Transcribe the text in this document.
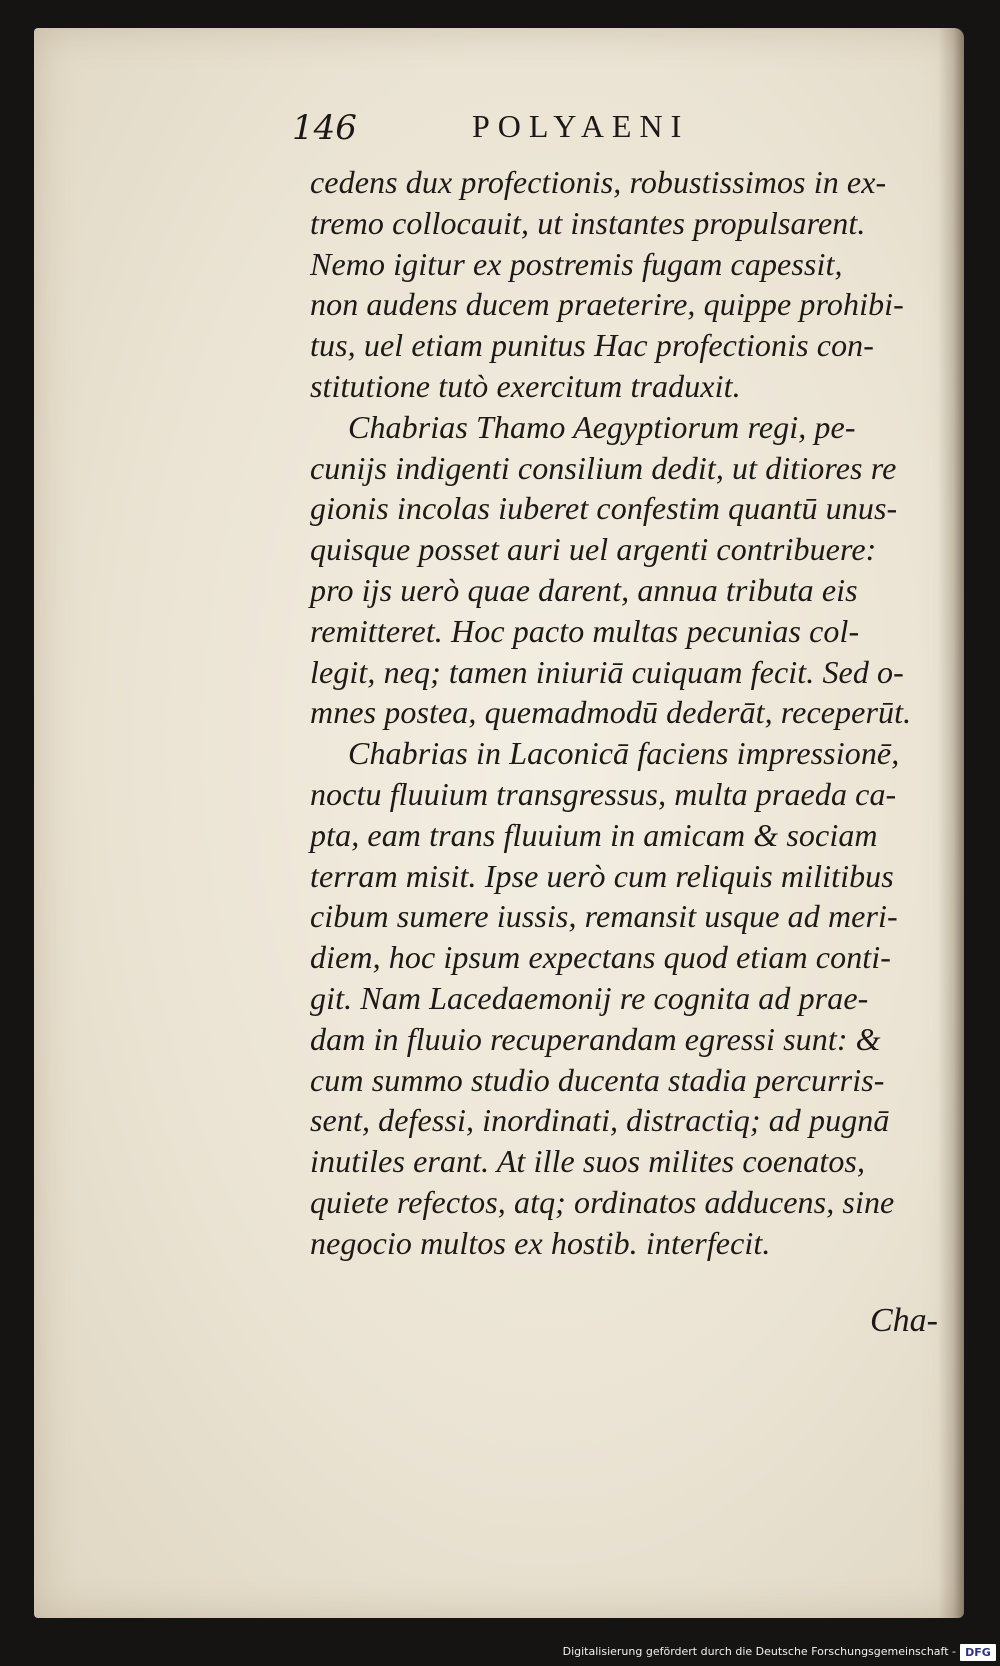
146	POLYAENI
cedens dux profectionis, robustissimos in ex-
tremo collocauit, ut instantes propulsarent.
Nemo igitur ex postremis fugam capessit,
non audens ducem praeterire, quippe prohibi-
tus, uel etiam punitus Hac profectionis con-
stitutione tutò exercitum traduxit.
Chabrias Thamo Aegyptiorum regi, pe-
cunijs indigenti consilium dedit, ut ditiores re
gionis incolas iuberet confestim quantū unus-
quisque posset auri uel argenti contribuere:
pro ijs uerò quae darent, annua tributa eis
remitteret. Hoc pacto multas pecunias col-
legit, neq; tamen iniuriā cuiquam fecit. Sed o-
mnes postea, quemadmodū dederāt, receperūt.
Chabrias in Laconicā faciens impressionē,
noctu fluuium transgressus, multa praeda ca-
pta, eam trans fluuium in amicam & sociam
terram misit. Ipse uerò cum reliquis militibus
cibum sumere iussis, remansit usque ad meri-
diem, hoc ipsum expectans quod etiam conti-
git. Nam Lacedaemonij re cognita ad prae-
dam in fluuio recuperandam egressi sunt: &
cum summo studio ducenta stadia percurris-
sent, defessi, inordinati, distractiq; ad pugnā
inutiles erant. At ille suos milites coenatos,
quiete refectos, atq; ordinatos adducens, sine
negocio multos ex hostib. interfecit.
Cha-
Digitalisierung gefördert durch die Deutsche Forschungsgemeinschaft - DFG
